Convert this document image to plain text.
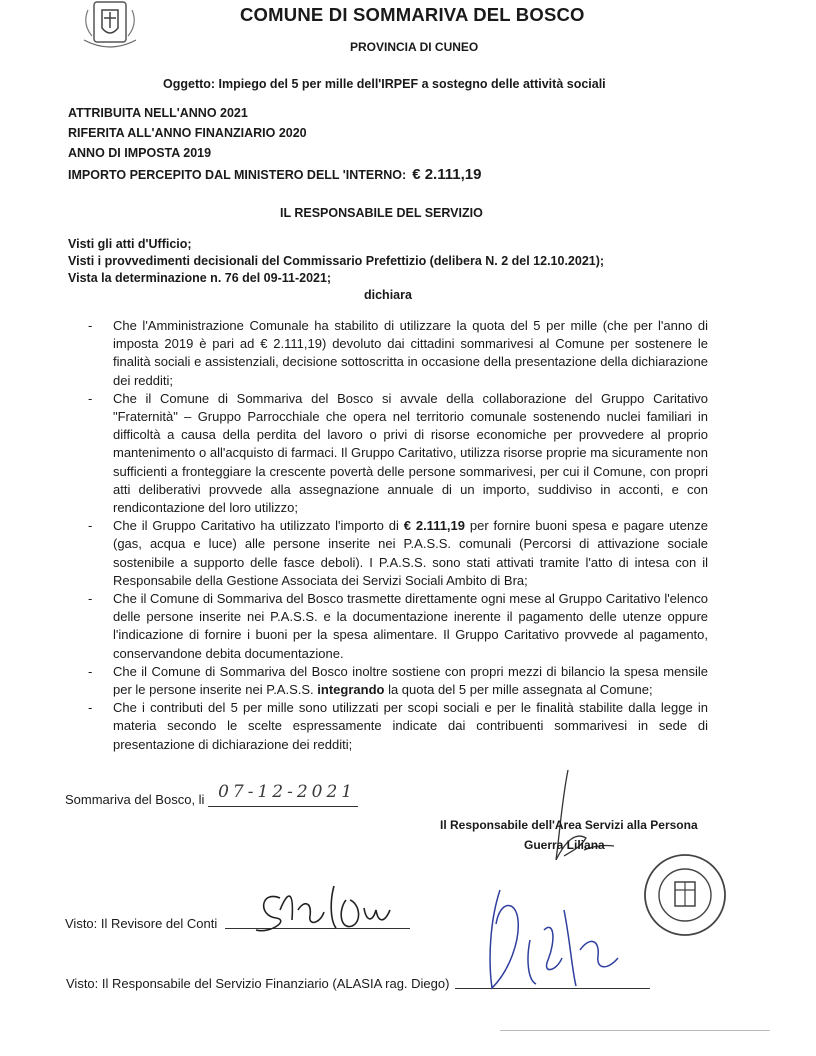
COMUNE DI SOMMARIVA DEL BOSCO
PROVINCIA DI CUNEO
Oggetto: Impiego del 5 per mille dell'IRPEF a sostegno delle attività sociali
ATTRIBUITA NELL'ANNO 2021
RIFERITA ALL'ANNO FINANZIARIO 2020
ANNO DI IMPOSTA 2019
IMPORTO PERCEPITO DAL MINISTERO DELL 'INTERNO: € 2.111,19
IL RESPONSABILE DEL SERVIZIO
Visti gli atti d'Ufficio;
Visti i provvedimenti decisionali del Commissario Prefettizio (delibera N. 2 del 12.10.2021);
Vista la determinazione n. 76 del 09-11-2021;
dichiara
- Che l'Amministrazione Comunale ha stabilito di utilizzare la quota del 5 per mille (che per l'anno di imposta 2019 è pari ad € 2.111,19) devoluto dai cittadini sommarivesi al Comune per sostenere le finalità sociali e assistenziali, decisione sottoscritta in occasione della presentazione della dichiarazione dei redditi;
- Che il Comune di Sommariva del Bosco si avvale della collaborazione del Gruppo Caritativo "Fraternità" – Gruppo Parrocchiale che opera nel territorio comunale sostenendo nuclei familiari in difficoltà a causa della perdita del lavoro o privi di risorse economiche per provvedere al proprio mantenimento o all'acquisto di farmaci. Il Gruppo Caritativo, utilizza risorse proprie ma sicuramente non sufficienti a fronteggiare la crescente povertà delle persone sommarivesi, per cui il Comune, con propri atti deliberativi provvede alla assegnazione annuale di un importo, suddiviso in acconti, e con rendicontazione del loro utilizzo;
- Che il Gruppo Caritativo ha utilizzato l'importo di € 2.111,19 per fornire buoni spesa e pagare utenze (gas, acqua e luce) alle persone inserite nei P.A.S.S. comunali (Percorsi di attivazione sociale sostenibile a supporto delle fasce deboli). I P.A.S.S. sono stati attivati tramite l'atto di intesa con il Responsabile della Gestione Associata dei Servizi Sociali Ambito di Bra;
- Che il Comune di Sommariva del Bosco trasmette direttamente ogni mese al Gruppo Caritativo l'elenco delle persone inserite nei P.A.S.S. e la documentazione inerente il pagamento delle utenze oppure l'indicazione di fornire i buoni per la spesa alimentare. Il Gruppo Caritativo provvede al pagamento, conservandone debita documentazione.
- Che il Comune di Sommariva del Bosco inoltre sostiene con propri mezzi di bilancio la spesa mensile per le persone inserite nei P.A.S.S. integrando la quota del 5 per mille assegnata al Comune;
- Che i contributi del 5 per mille sono utilizzati per scopi sociali e per le finalità stabilite dalla legge in materia secondo le scelte espressamente indicate dai contribuenti sommarivesi in sede di presentazione di dichiarazione dei redditi;
Sommariva del Bosco, li 07-12-2021
Il Responsabile dell'Area Servizi alla Persona
Guerra Liliana
Visto: Il Revisore del Conti
Visto: Il Responsabile del Servizio Finanziario (ALASIA rag. Diego)
